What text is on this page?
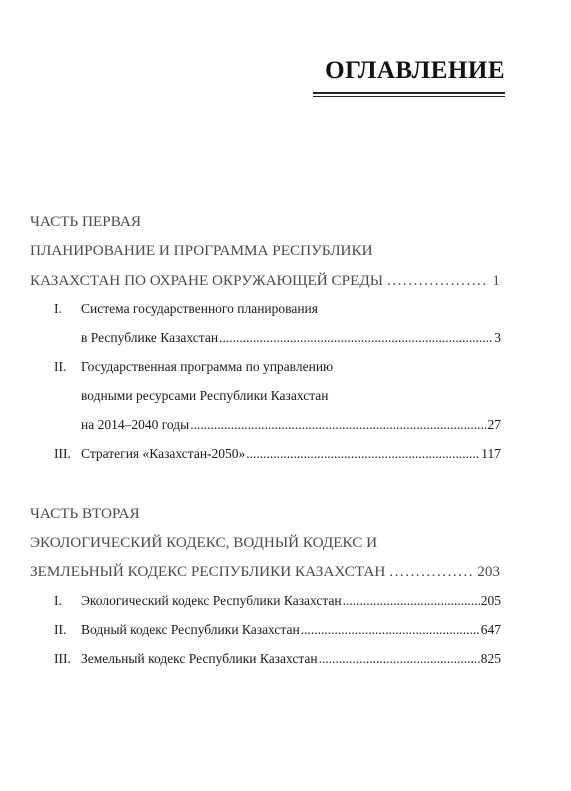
ОГЛАВЛЕНИЕ
ЧАСТЬ ПЕРВАЯ
ПЛАНИРОВАНИЕ И ПРОГРАММА РЕСПУБЛИКИ
КАЗАХСТАН ПО ОХРАНЕ ОКРУЖАЮЩЕЙ СРЕДЫ .....	1
I. Система государственного планирования
в Республике Казахстан .....	3
II. Государственная программа по управлению
водными ресурсами Республики Казахстан
на 2014–2040 годы .....	27
III. Стратегия «Казахстан-2050» .....	117
ЧАСТЬ ВТОРАЯ
ЭКОЛОГИЧЕСКИЙ КОДЕКС, ВОДНЫЙ КОДЕКС И
ЗЕМЛЕЬНЫЙ КОДЕКС РЕСПУБЛИКИ КАЗАХСТАН .....	203
I. Экологический кодекс Республики Казахстан .....	205
II. Водный кодекс Республики Казахстан .....	647
III. Земельный кодекс Республики Казахстан .....	825
